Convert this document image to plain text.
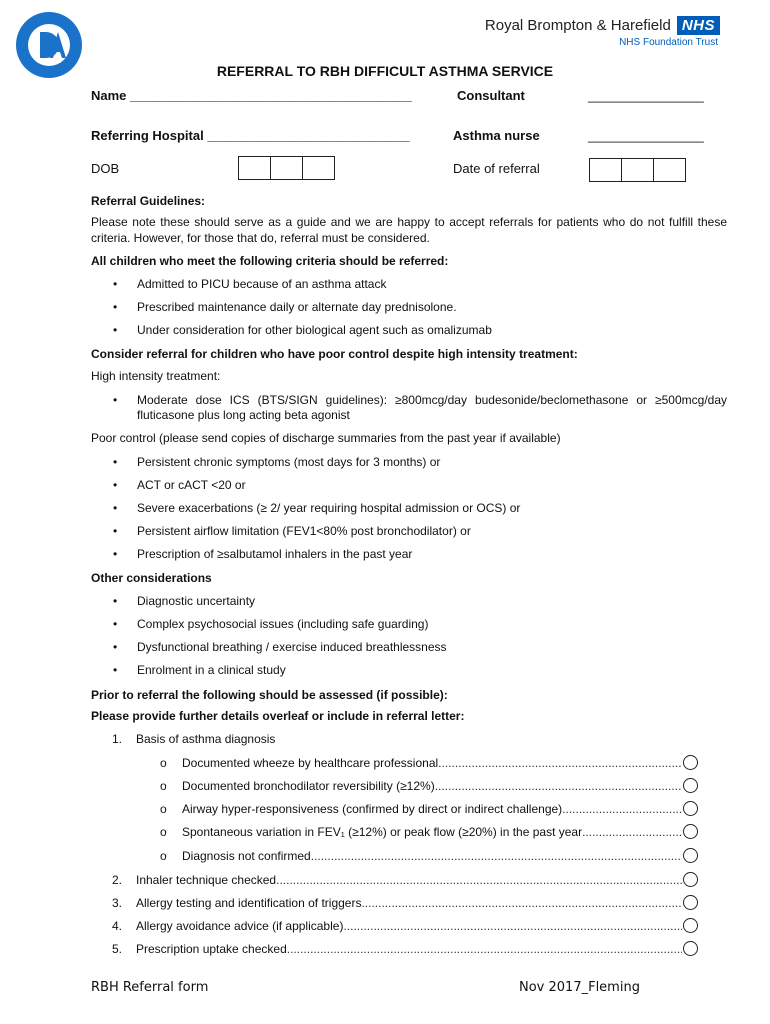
Royal Brompton & Harefield NHS
NHS Foundation Trust
REFERRAL TO RBH DIFFICULT ASTHMA SERVICE
Name _______________________________________	Consultant	________________
Referring Hospital ____________________________	Asthma nurse	________________
DOB	Date of referral
Referral Guidelines:

Please note these should serve as a guide and we are happy to accept referrals for patients who do not fulfill these criteria. However, for those that do, referral must be considered.

All children who meet the following criteria should be referred:
• Admitted to PICU because of an asthma attack
• Prescribed maintenance daily or alternate day prednisolone.
• Under consideration for other biological agent such as omalizumab
Consider referral for children who have poor control despite high intensity treatment:
High intensity treatment:
• Moderate dose ICS (BTS/SIGN guidelines): ≥800mcg/day budesonide/beclomethasone or ≥500mcg/day fluticasone plus long acting beta agonist
Poor control (please send copies of discharge summaries from the past year if available)
• Persistent chronic symptoms (most days for 3 months) or
• ACT or cACT <20 or
• Severe exacerbations (≥ 2/ year requiring hospital admission or OCS) or
• Persistent airflow limitation (FEV1<80% post bronchodilator) or
• Prescription of ≥salbutamol inhalers in the past year
Other considerations
• Diagnostic uncertainty
• Complex psychosocial issues (including safe guarding)
• Dysfunctional breathing / exercise induced breathlessness
• Enrolment in a clinical study
Prior to referral the following should be assessed (if possible):
Please provide further details overleaf or include in referral letter:
1.	Basis of asthma diagnosis
o	Documented wheeze by healthcare professional
.....
o	Documented bronchodilator reversibility (≥12%)
.....
o	Airway hyper-responsiveness (confirmed by direct or indirect challenge)
.....
o	Spontaneous variation in FEV₁ (≥12%) or peak flow (≥20%) in the past year
.....
o	Diagnosis not confirmed
.....
2.	Inhaler technique checked
.....
3.	Allergy testing and identification of triggers
.....
4.	Allergy avoidance advice (if applicable)
.....
5.	Prescription uptake checked
.....
RBH Referral form	Nov 2017_Fleming
